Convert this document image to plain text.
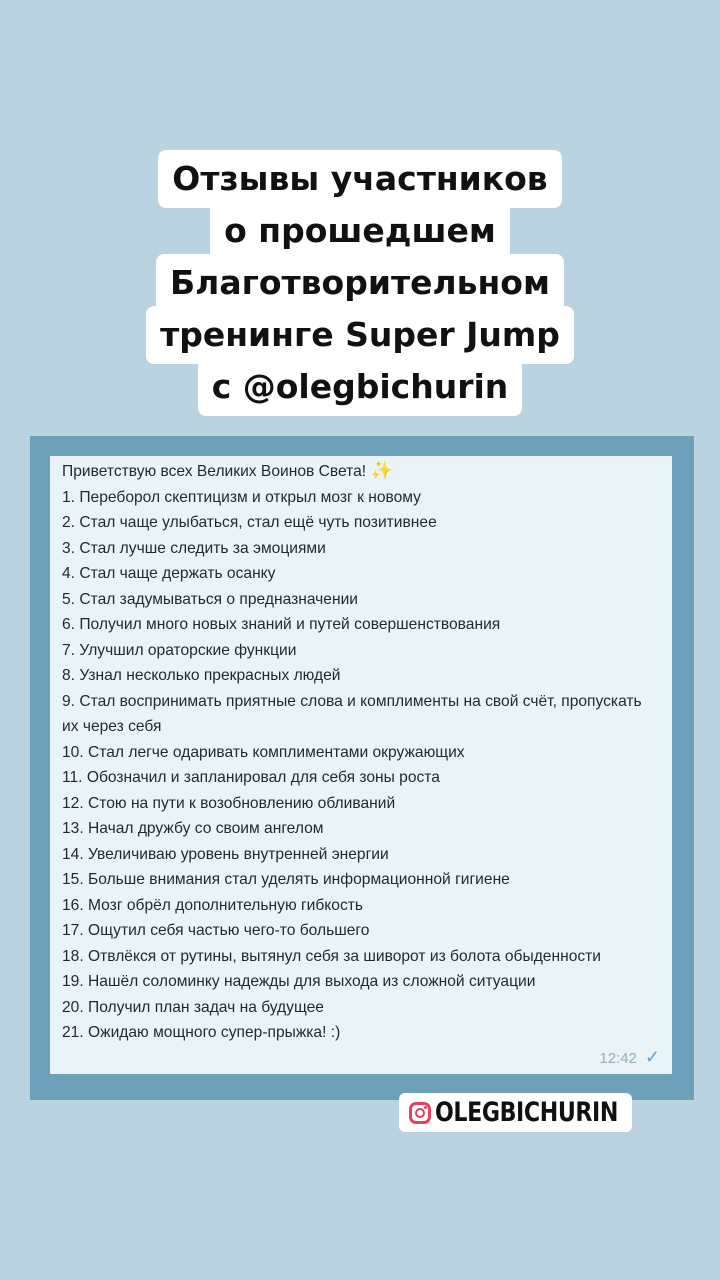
Отзывы участников
о прошедшем
Благотворительном
тренинге Super Jump
с @olegbichurin
Приветствую всех Великих Воинов Света! ✨
1. Переборол скептицизм и открыл мозг к новому
2. Стал чаще улыбаться, стал ещё чуть позитивнее
3. Стал лучше следить за эмоциями
4. Стал чаще держать осанку
5. Стал задумываться о предназначении
6. Получил много новых знаний и путей совершенствования
7. Улучшил ораторские функции
8. Узнал несколько прекрасных людей
9. Стал воспринимать приятные слова и комплименты на свой счёт, пропускать их через себя
10. Стал легче одаривать комплиментами окружающих
11. Обозначил и запланировал для себя зоны роста
12. Стою на пути к возобновлению обливаний
13. Начал дружбу со своим ангелом
14. Увеличиваю уровень внутренней энергии
15. Больше внимания стал уделять информационной гигиене
16. Мозг обрёл дополнительную гибкость
17. Ощутил себя частью чего-то большего
18. Отвлёкся от рутины, вытянул себя за шиворот из болота обыденности
19. Нашёл соломинку надежды для выхода из сложной ситуации
20. Получил план задач на будущее
21. Ожидаю мощного супер-прыжка! :)
12:42 ✓
OLEGBICHURIN
